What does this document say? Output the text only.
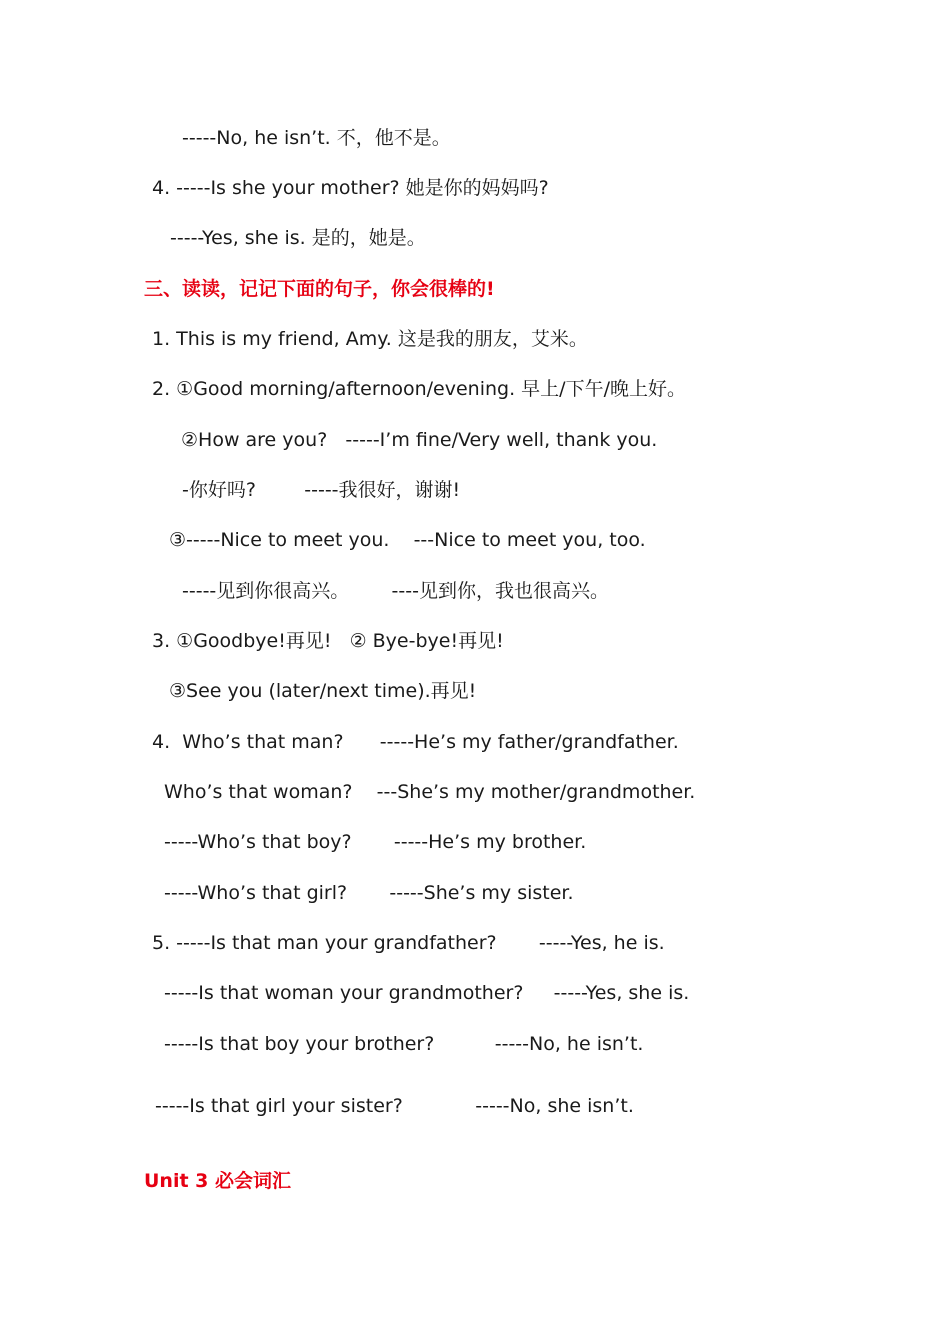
-----No, he isn’t. 不，他不是。
4. -----Is she your mother? 她是你的妈妈吗?
-----Yes, she is. 是的，她是。
三、读读，记记下面的句子，你会很棒的!
1. This is my friend, Amy. 这是我的朋友，艾米。
2. ①Good morning/afternoon/evening. 早上/下午/晚上好。
②How are you?   -----I’m fine/Very well, thank you.
-你好吗?        -----我很好，谢谢!
③-----Nice to meet you.    ---Nice to meet you, too.
-----见到你很高兴。       ----见到你，我也很高兴。
3. ①Goodbye!再见!   ② Bye-bye!再见!
③See you (later/next time).再见!
4.  Who’s that man?      -----He’s my father/grandfather.
Who’s that woman?    ---She’s my mother/grandmother.
-----Who’s that boy?       -----He’s my brother.
-----Who’s that girl?       -----She’s my sister.
5. -----Is that man your grandfather?       -----Yes, he is.
-----Is that woman your grandmother?     -----Yes, she is.
-----Is that boy your brother?          -----No, he isn’t.
-----Is that girl your sister?            -----No, she isn’t.
Unit 3 必会词汇
